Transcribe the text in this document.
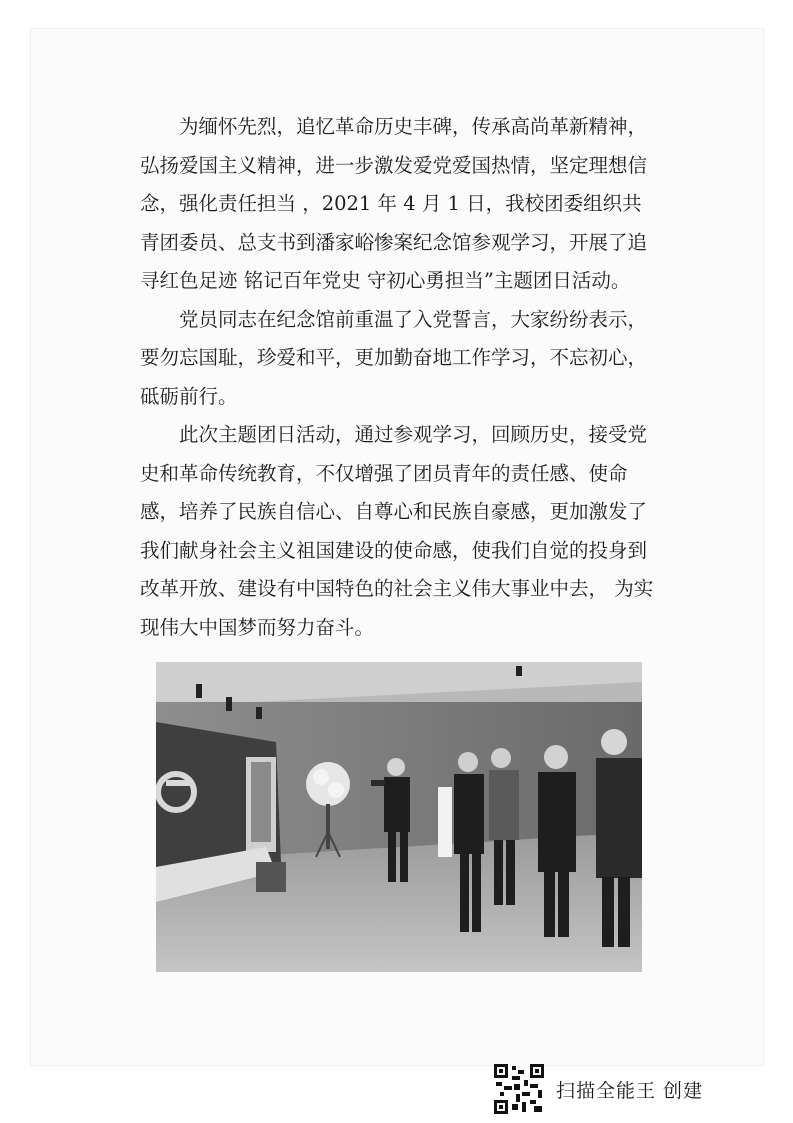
为缅怀先烈，追忆革命历史丰碑，传承高尚革新精神，弘扬爱国主义精神，进一步激发爱党爱国热情，坚定理想信念，强化责任担当 ，2021 年 4 月 1 日，我校团委组织共青团委员、总支书到潘家峪惨案纪念馆参观学习，开展了追寻红色足迹 铭记百年党史 守初心勇担当”主题团日活动。

党员同志在纪念馆前重温了入党誓言，大家纷纷表示，要勿忘国耻，珍爱和平，更加勤奋地工作学习，不忘初心，砥砺前行。

此次主题团日活动，通过参观学习，回顾历史，接受党史和革命传统教育，不仅增强了团员青年的责任感、使命感，培养了民族自信心、自尊心和民族自豪感，更加激发了我们献身社会主义祖国建设的使命感，使我们自觉的投身到改革开放、建设有中国特色的社会主义伟大事业中去， 为实现伟大中国梦而努力奋斗。

扫描全能王 创建
